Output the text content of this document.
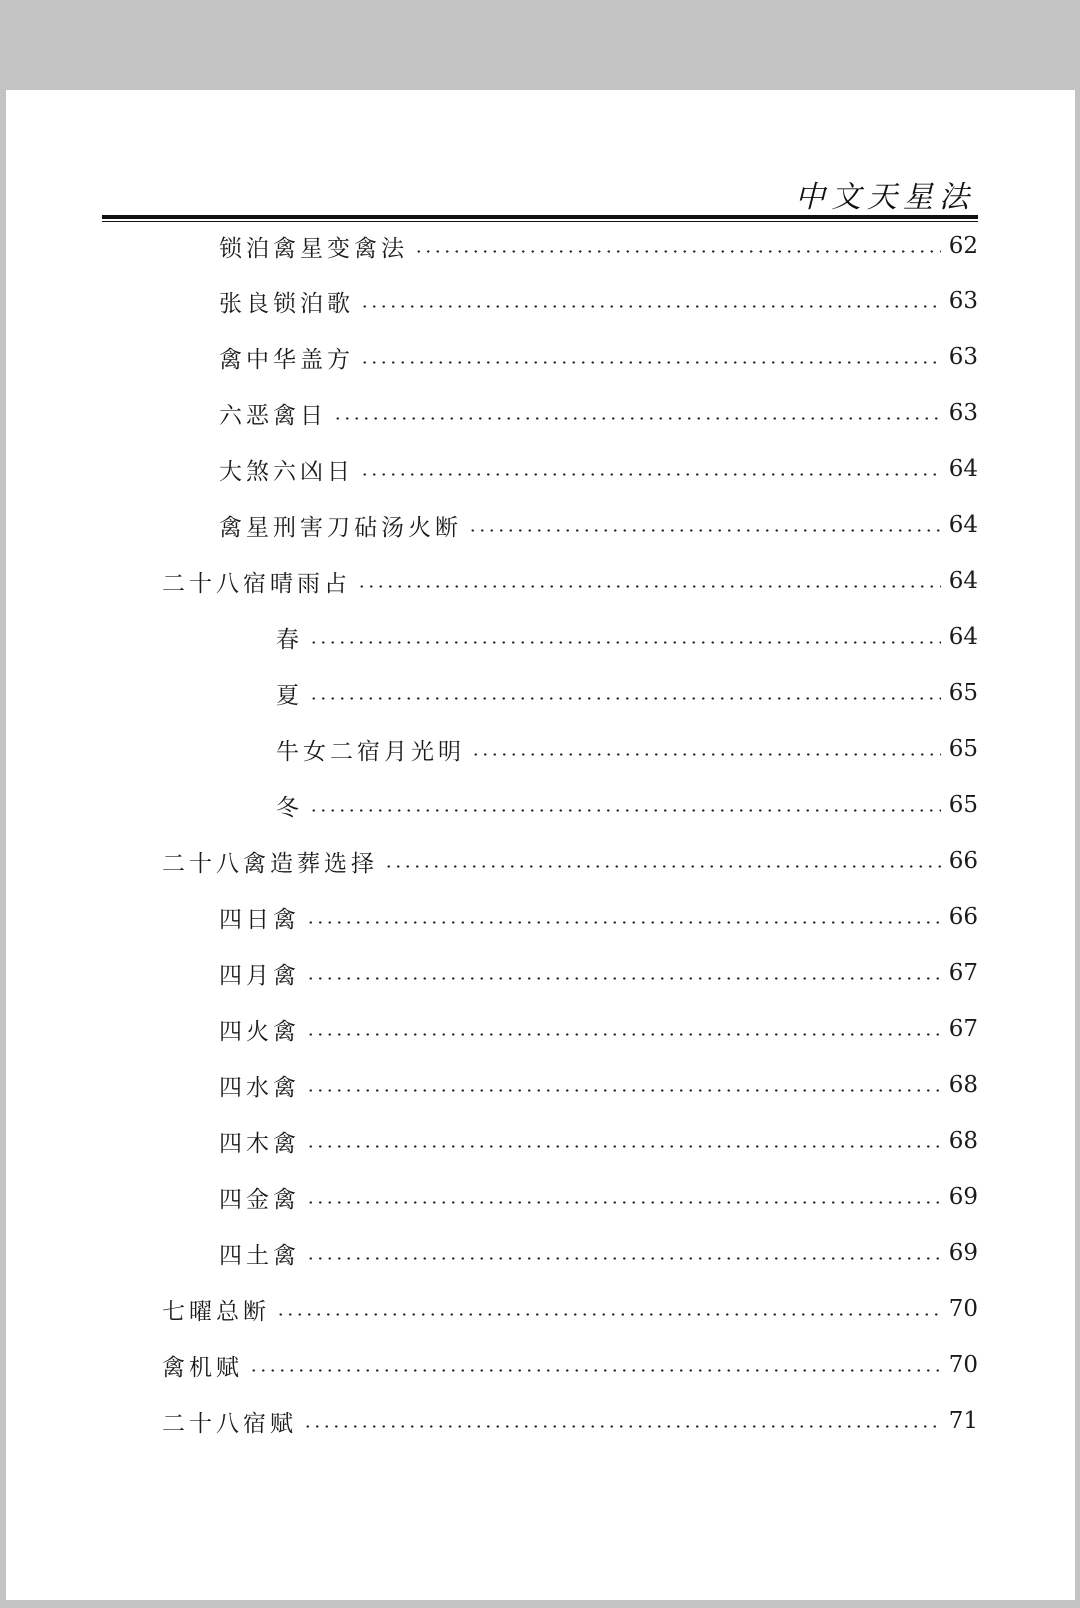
中文天星法
锁泊禽星变禽法	62
张良锁泊歌	63
禽中华盖方	63
六恶禽日	63
大煞六凶日	64
禽星刑害刀砧汤火断	64
二十八宿晴雨占	64
春	64
夏	65
牛女二宿月光明	65
冬	65
二十八禽造葬选择	66
四日禽	66
四月禽	67
四火禽	67
四水禽	68
四木禽	68
四金禽	69
四土禽	69
七曜总断	70
禽机赋	70
二十八宿赋	71
